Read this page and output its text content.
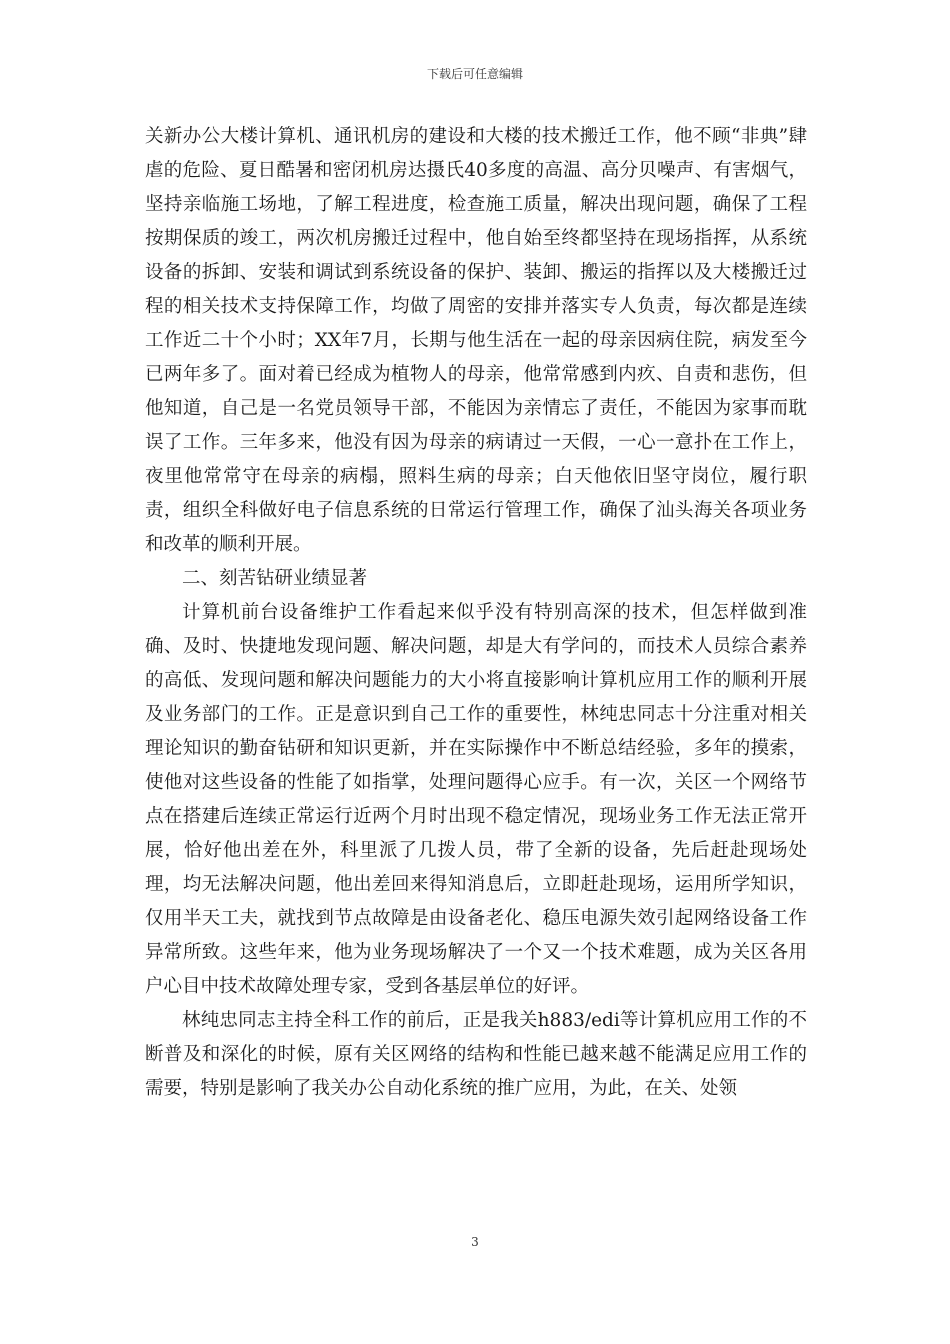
下载后可任意编辑

关新办公大楼计算机、通讯机房的建设和大楼的技术搬迁工作，他不顾“非典”肆虐的危险、夏日酷暑和密闭机房达摄氏40多度的高温、高分贝噪声、有害烟气，坚持亲临施工场地，了解工程进度，检查施工质量，解决出现问题，确保了工程按期保质的竣工，两次机房搬迁过程中，他自始至终都坚持在现场指挥，从系统设备的拆卸、安装和调试到系统设备的保护、装卸、搬运的指挥以及大楼搬迁过程的相关技术支持保障工作，均做了周密的安排并落实专人负责，每次都是连续工作近二十个小时；XX年7月，长期与他生活在一起的母亲因病住院，病发至今已两年多了。面对着已经成为植物人的母亲，他常常感到内疚、自责和悲伤，但他知道，自己是一名党员领导干部，不能因为亲情忘了责任，不能因为家事而耽误了工作。三年多来，他没有因为母亲的病请过一天假，一心一意扑在工作上，夜里他常常守在母亲的病榻，照料生病的母亲；白天他依旧坚守岗位，履行职责，组织全科做好电子信息系统的日常运行管理工作，确保了汕头海关各项业务和改革的顺利开展。

二、刻苦钻研业绩显著

计算机前台设备维护工作看起来似乎没有特别高深的技术，但怎样做到准确、及时、快捷地发现问题、解决问题，却是大有学问的，而技术人员综合素养的高低、发现问题和解决问题能力的大小将直接影响计算机应用工作的顺利开展及业务部门的工作。正是意识到自己工作的重要性，林纯忠同志十分注重对相关理论知识的勤奋钻研和知识更新，并在实际操作中不断总结经验，多年的摸索，使他对这些设备的性能了如指掌，处理问题得心应手。有一次，关区一个网络节点在搭建后连续正常运行近两个月时出现不稳定情况，现场业务工作无法正常开展，恰好他出差在外，科里派了几拨人员，带了全新的设备，先后赶赴现场处理，均无法解决问题，他出差回来得知消息后，立即赶赴现场，运用所学知识，仅用半天工夫，就找到节点故障是由设备老化、稳压电源失效引起网络设备工作异常所致。这些年来，他为业务现场解决了一个又一个技术难题，成为关区各用户心目中技术故障处理专家，受到各基层单位的好评。

林纯忠同志主持全科工作的前后，正是我关h883/edi等计算机应用工作的不断普及和深化的时候，原有关区网络的结构和性能已越来越不能满足应用工作的需要，特别是影响了我关办公自动化系统的推广应用，为此，在关、处领

3
